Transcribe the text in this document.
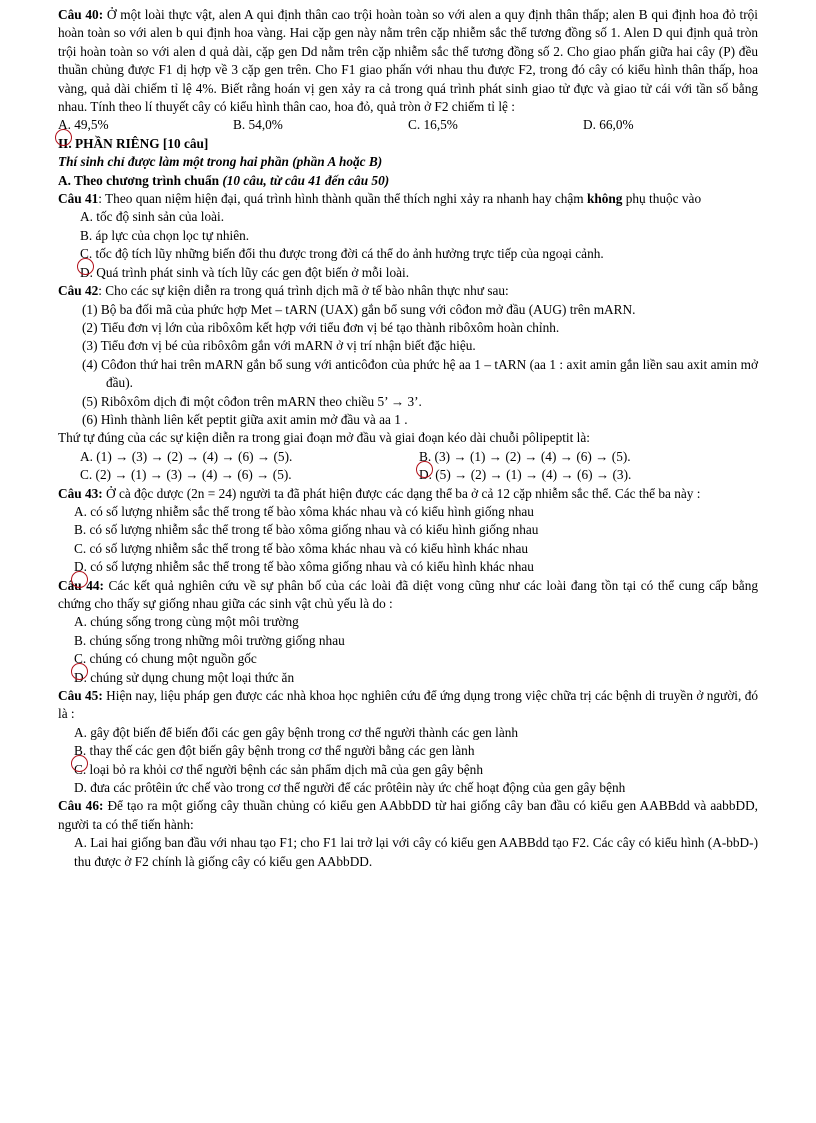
Câu 40: Ở một loài thực vật, alen A qui định thân cao trội hoàn toàn so với alen a quy định thân thấp; alen B qui định hoa đỏ trội hoàn toàn so với alen b qui định hoa vàng. Hai cặp gen này nằm trên cặp nhiễm sắc thể tương đồng số 1. Alen D qui định quả tròn trội hoàn toàn so với alen d quả dài, cặp gen Dd nằm trên cặp nhiễm sắc thể tương đồng số 2. Cho giao phấn giữa hai cây (P) đều thuần chủng được F1 dị hợp về 3 cặp gen trên. Cho F1 giao phấn với nhau thu được F2, trong đó cây có kiểu hình thân thấp, hoa vàng, quả dài chiếm tỉ lệ 4%. Biết rằng hoán vị gen xảy ra cả trong quá trình phát sinh giao tử đực và giao tử cái với tần số bằng nhau. Tính theo lí thuyết cây có kiểu hình thân cao, hoa đỏ, quả tròn ở F2 chiếm tỉ lệ :
A. 49,5%	B. 54,0%	C. 16,5%	D. 66,0%
II. PHẦN RIÊNG [10 câu]
Thí sinh chỉ được làm một trong hai phần (phần A hoặc B)
A. Theo chương trình chuẩn (10 câu, từ câu 41 đến câu 50)
Câu 41: Theo quan niệm hiện đại, quá trình hình thành quần thể thích nghi xảy ra nhanh hay chậm không phụ thuộc vào
A. tốc độ sinh sản của loài.
B. áp lực của chọn lọc tự nhiên.
C. tốc độ tích lũy những biến đổi thu được trong đời cá thể do ảnh hưởng trực tiếp của ngoại cảnh.
D. Quá trình phát sinh và tích lũy các gen đột biến ở mỗi loài.
Câu 42: Cho các sự kiện diễn ra trong quá trình dịch mã ở tế bào nhân thực như sau:
(1) Bộ ba đối mã của phức hợp Met – tARN (UAX) gắn bổ sung với côđon mở đầu (AUG) trên mARN.
(2) Tiểu đơn vị lớn của ribôxôm kết hợp với tiểu đơn vị bé tạo thành ribôxôm hoàn chỉnh.
(3) Tiểu đơn vị bé của ribôxôm gắn với mARN ở vị trí nhận biết đặc hiệu.
(4) Côđon thứ hai trên mARN gắn bổ sung với anticôđon của phức hệ aa 1 – tARN (aa 1 : axit amin gắn liền sau axit amin mở đầu).
(5) Ribôxôm dịch đi một côđon trên mARN theo chiều 5’ → 3’.
(6) Hình thành liên kết peptit giữa axit amin mở đầu và aa 1 .
Thứ tự đúng của các sự kiện diễn ra trong giai đoạn mở đầu và giai đoạn kéo dài chuỗi pôlipeptit là:
A. (1) → (3) → (2) → (4) → (6) → (5).	B. (3) → (1) → (2) → (4) → (6) → (5).
C. (2) → (1) → (3) → (4) → (6) → (5).	D. (5) → (2) → (1) → (4) → (6) → (3).
Câu 43: Ở cà độc dược (2n = 24) người ta đã phát hiện được các dạng thể ba ở cả 12 cặp nhiễm sắc thể. Các thể ba này :
A. có số lượng nhiễm sắc thể trong tế bào xôma khác nhau và có kiểu hình giống nhau
B. có số lượng nhiễm sắc thể trong tế bào xôma giống nhau và có kiểu hình giống nhau
C. có số lượng nhiễm sắc thể trong tế bào xôma khác nhau và có kiểu hình khác nhau
D. có số lượng nhiễm sắc thể trong tế bào xôma giống nhau và có kiểu hình khác nhau
Câu 44: Các kết quả nghiên cứu về sự phân bố của các loài đã diệt vong cũng như các loài đang tồn tại có thể cung cấp bằng chứng cho thấy sự giống nhau giữa các sinh vật chủ yếu là do :
A. chúng sống trong cùng một môi trường
B. chúng sống trong những môi trường giống nhau
C. chúng có chung một nguồn gốc
D. chúng sử dụng chung một loại thức ăn
Câu 45: Hiện nay, liệu pháp gen được các nhà khoa học nghiên cứu để ứng dụng trong việc chữa trị các bệnh di truyền ở người, đó là :
A. gây đột biến để biến đổi các gen gây bệnh trong cơ thể người thành các gen lành
B. thay thế các gen đột biến gây bệnh trong cơ thể người bằng các gen lành
C. loại bỏ ra khỏi cơ thể người bệnh các sản phẩm dịch mã của gen gây bệnh
D. đưa các prôtêin ức chế vào trong cơ thể người để các prôtêin này ức chế hoạt động của gen gây bệnh
Câu 46: Để tạo ra một giống cây thuần chủng có kiểu gen AAbbDD từ hai giống cây ban đầu có kiểu gen AABBdd và aabbDD, người ta có thể tiến hành:
A. Lai hai giống ban đầu với nhau tạo F1; cho F1 lai trở lại với cây có kiểu gen AABBdd tạo F2. Các cây có kiểu hình (A-bbD-) thu được ở F2 chính là giống cây có kiểu gen AAbbDD.
